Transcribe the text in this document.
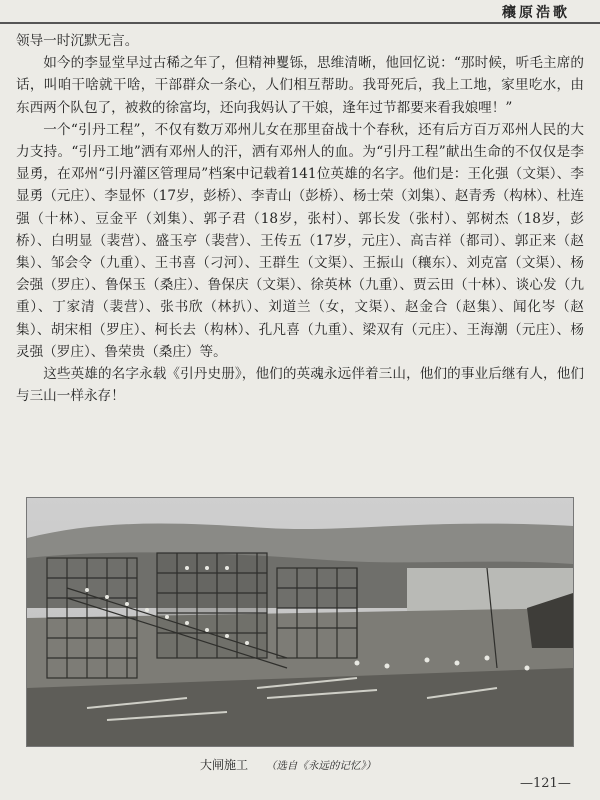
穰原浩歌

领导一时沉默无言。

如今的李显堂早过古稀之年了，但精神矍铄，思维清晰，他回忆说：“那时候，听毛主席的话，叫咱干啥就干啥，干部群众一条心，人们相互帮助。我哥死后，我上工地，家里吃水，由东西两个队包了，被救的徐富均，还向我妈认了干娘，逢年过节都要来看我娘哩！”

一个“引丹工程”，不仅有数万邓州儿女在那里奋战十个春秋，还有后方百万邓州人民的大力支持。“引丹工地”洒有邓州人的汗，洒有邓州人的血。为“引丹工程”献出生命的不仅仅是李显勇，在邓州“引丹灌区管理局”档案中记载着141位英雄的名字。他们是：王化强（文渠）、李显勇（元庄）、李显怀（17岁，彭桥）、李青山（彭桥）、杨士荣（刘集）、赵青秀（构林）、杜连强（十林）、豆金平（刘集）、郭子君（18岁，张村）、郭长发（张村）、郭树杰（18岁，彭桥）、白明显（裴营）、盛玉亭（裴营）、王传五（17岁，元庄）、高吉祥（都司）、郭正来（赵集）、邹会令（九重）、王书喜（刁河）、王群生（文渠）、王振山（穰东）、刘克富（文渠）、杨会强（罗庄）、鲁保玉（桑庄）、鲁保庆（文渠）、徐英林（九重）、贾云田（十林）、谈心发（九重）、丁家清（裴营）、张书欣（林扒）、刘道兰（女，文渠）、赵金合（赵集）、闻化岑（赵集）、胡宋相（罗庄）、柯长去（构林）、孔凡喜（九重）、梁双有（元庄）、王海潮（元庄）、杨灵强（罗庄）、鲁荣贵（桑庄）等。

这些英雄的名字永载《引丹史册》，他们的英魂永远伴着三山，他们的事业后继有人，他们与三山一样永存！

大闸施工 （选自《永远的记忆》）
—121—
